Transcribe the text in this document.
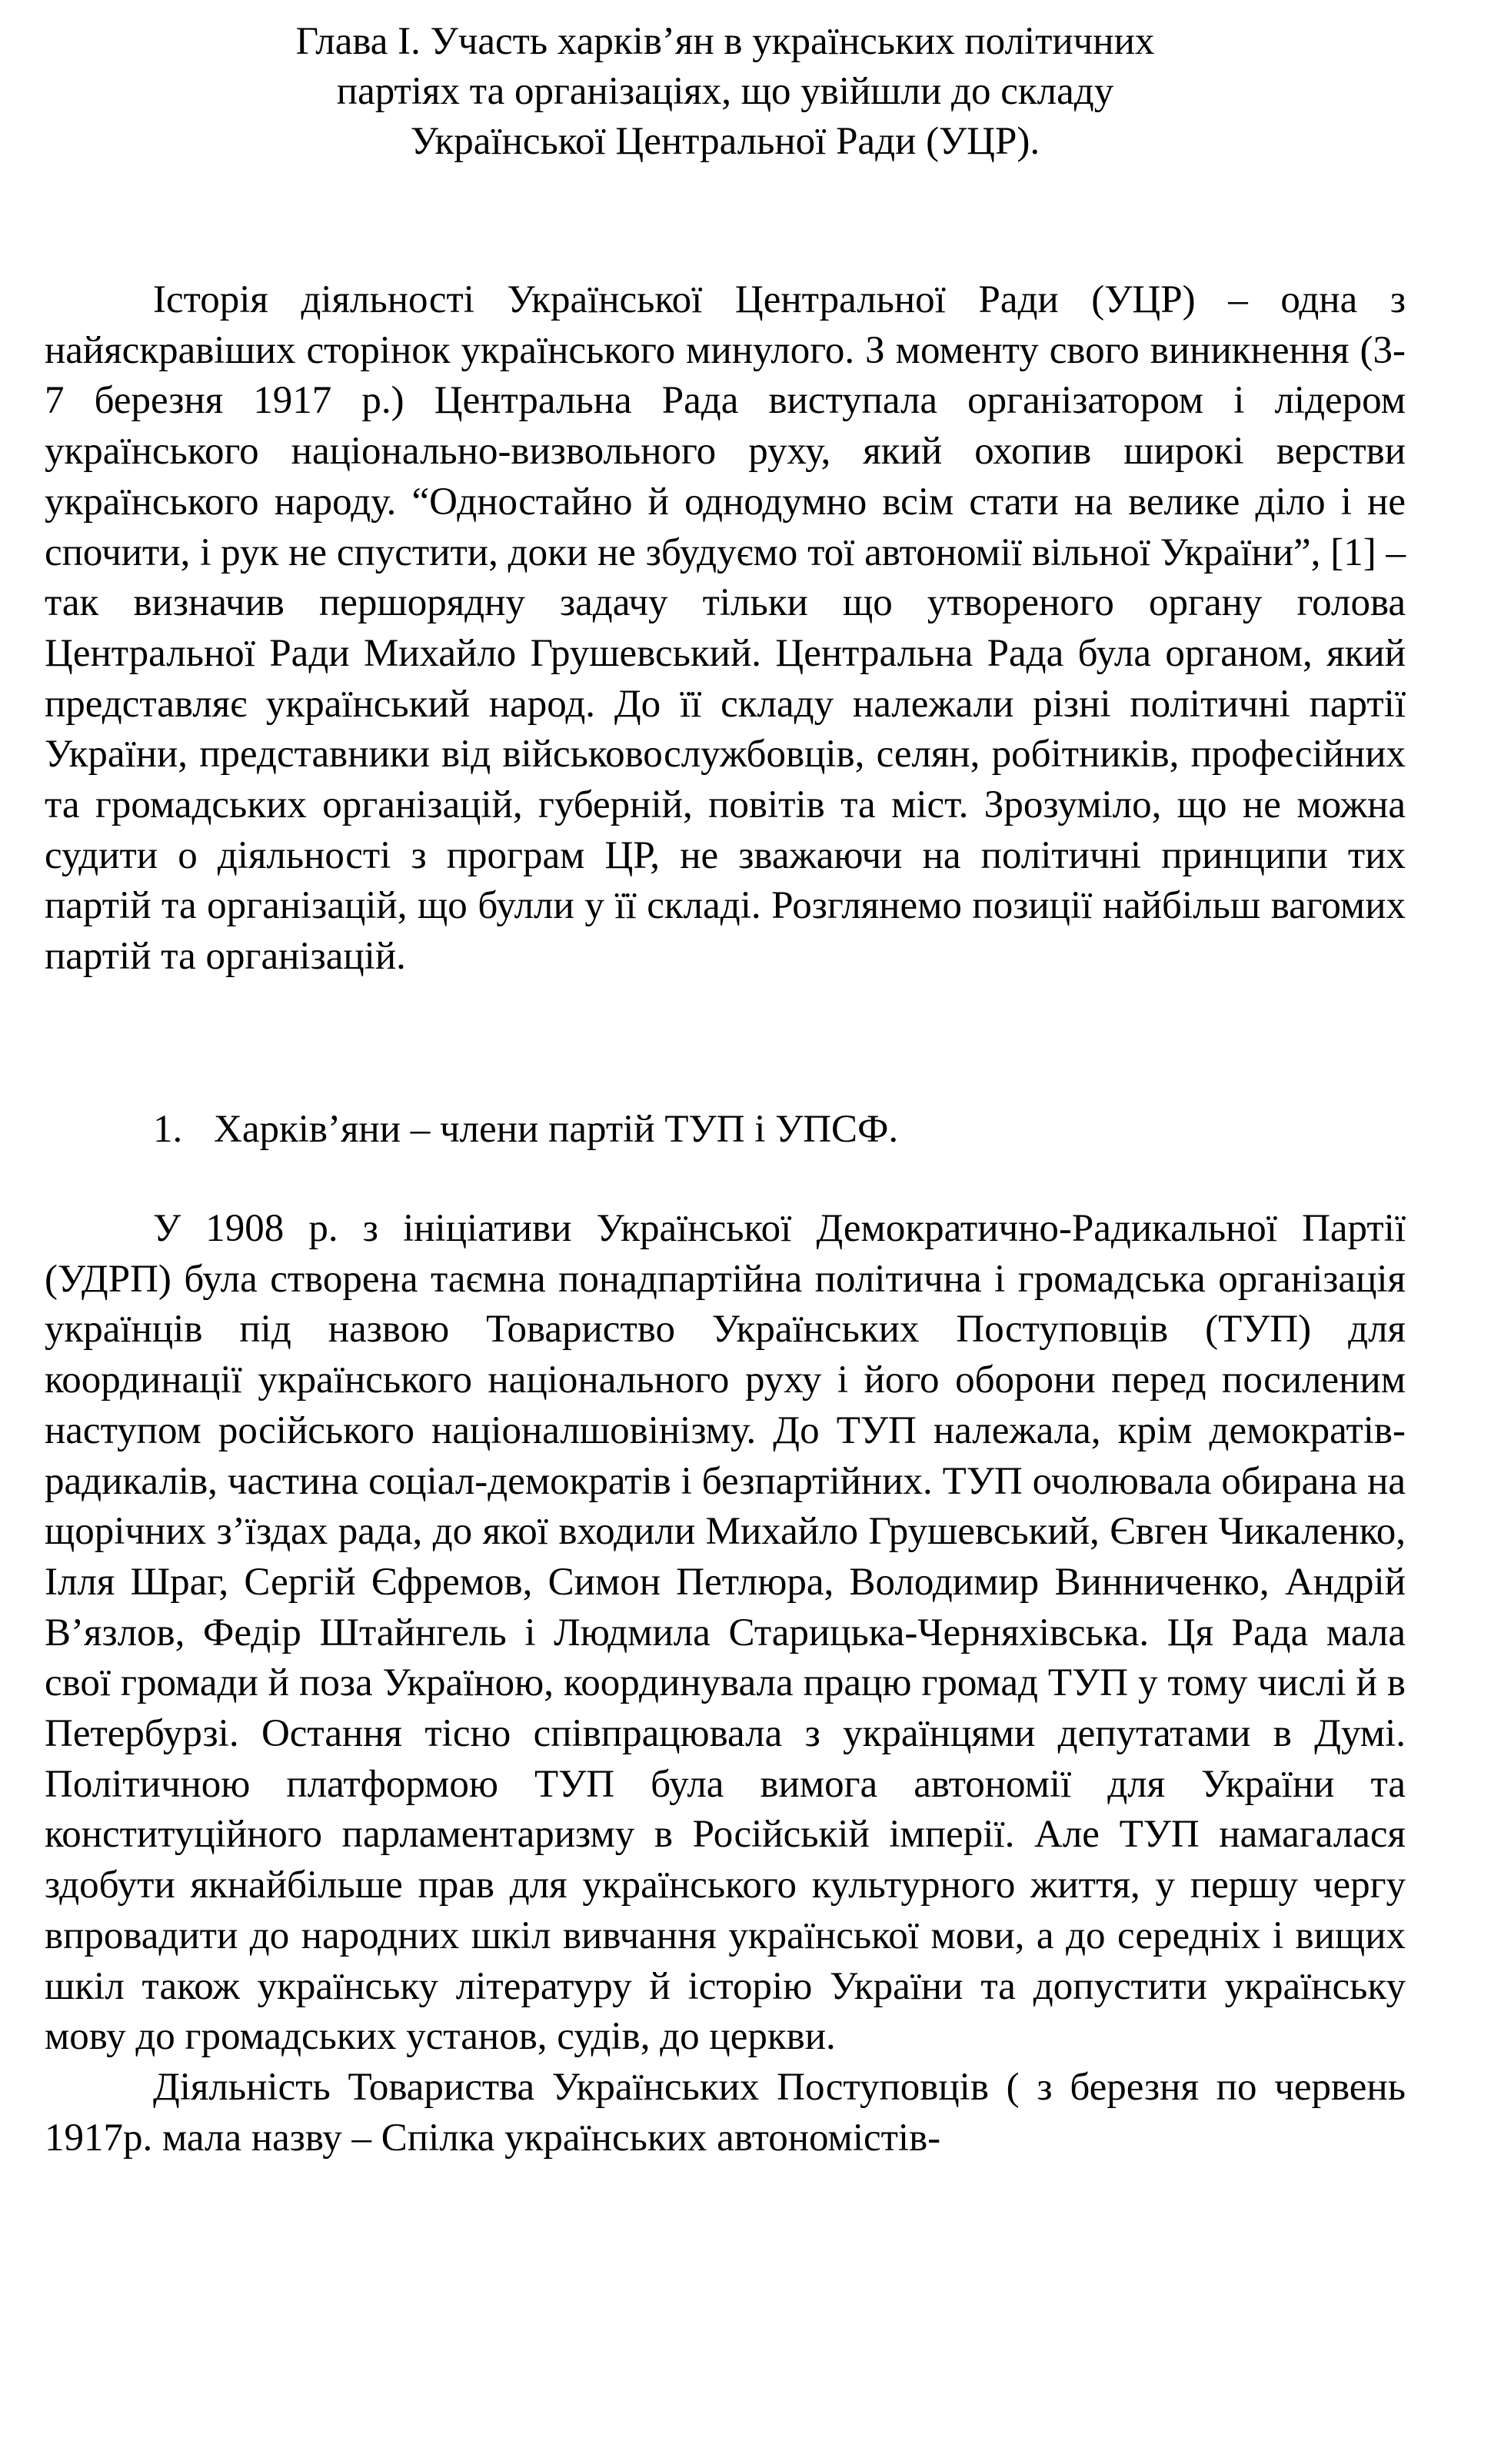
Глава І. Участь харків’ян в українських політичних
партіях та організаціях, що увійшли до складу
Української Центральної Ради (УЦР).

Історія діяльності Української Центральної Ради (УЦР) – одна з найяскравіших сторінок українського минулого. З моменту свого виникнення (3-7 березня 1917 р.) Центральна Рада виступала організатором і лідером українського національно-визвольного руху, який охопив широкі верстви українського народу. “Одностайно й однодумно всім стати на велике діло і не спочити, і рук не спустити, доки не збудуємо тої автономії вільної України”, [1] – так визначив першорядну задачу тільки що утвореного органу голова Центральної Ради Михайло Грушевський. Центральна Рада була органом, який представляє український народ. До її складу належали різні політичні партії України, представники від військовослужбовців, селян, робітників, професійних та громадських організацій, губерній, повітів та міст. Зрозуміло, що не можна судити о діяльності з програм ЦР, не зважаючи на політичні принципи тих партій та організацій, що булли у її складі. Розглянемо позиції найбільш вагомих партій та організацій.

1. Харків’яни – члени партій ТУП і УПСФ.

У 1908 р. з ініціативи Української Демократично-Радикальної Партії (УДРП) була створена таємна понадпартійна політична і громадська організація українців під назвою Товариство Українських Поступовців (ТУП) для координації українського національного руху і його оборони перед посиленим наступом російського націоналшовінізму. До ТУП належала, крім демократів-радикалів, частина соціал-демократів і безпартійних. ТУП очолювала обирана на щорічних з’їздах рада, до якої входили Михайло Грушевський, Євген Чикаленко, Ілля Шраг, Сергій Єфремов, Симон Петлюра, Володимир Винниченко, Андрій В’язлов, Федір Штайнгель і Людмила Старицька-Черняхівська. Ця Рада мала свої громади й поза Україною, координувала працю громад ТУП у тому числі й в Петербурзі. Остання тісно співпрацювала з українцями депутатами в Думі. Політичною платформою ТУП була вимога автономії для України та конституційного парламентаризму в Російській імперії. Але ТУП намагалася здобути якнайбільше прав для українського культурного життя, у першу чергу впровадити до народних шкіл вивчання української мови, а до середніх і вищих шкіл також українську літературу й історію України та допустити українську мову до громадських установ, судів, до церкви.

Діяльність Товариства Українських Поступовців ( з березня по червень 1917р. мала назву – Спілка українських автономістів-
